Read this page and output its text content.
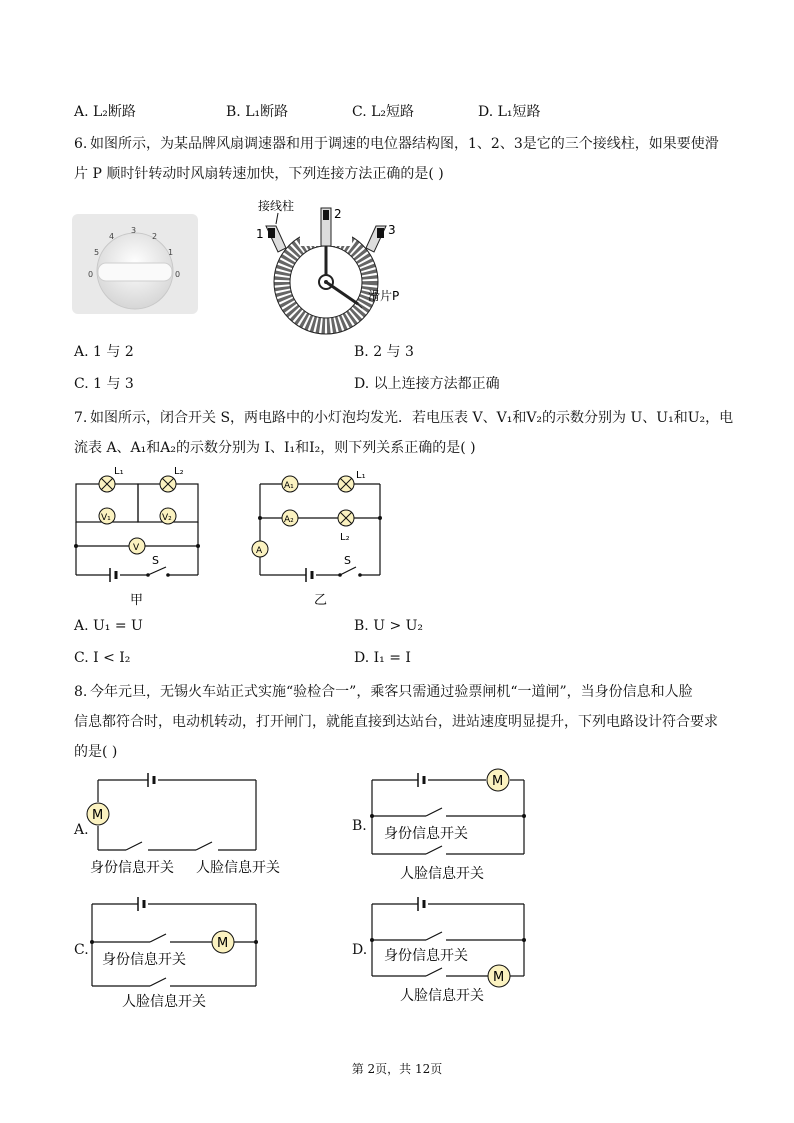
A. L₂断路	B. L₁断路	C. L₂短路	D. L₁短路
6. 如图所示，为某品牌风扇调速器和用于调速的电位器结构图，1、2、3是它的三个接线柱，如果要使滑
片 P 顺时针转动时风扇转速加快，下列连接方法正确的是( )
0
5
4
3
2
1
0
接线柱
1
2
3
滑片P
A. 1 与 2	B. 2 与 3
C. 1 与 3	D. 以上连接方法都正确
7. 如图所示，闭合开关 S，两电路中的小灯泡均发光．若电压表 V、V₁和V₂的示数分别为 U、U₁和U₂，电
流表 A、A₁和A₂的示数分别为 I、I₁和I₂，则下列关系正确的是( )
L₁	L₂
V₁	V₂
V
S
甲
A₁
A₂
A
L₁
L₂
S
乙
A. U₁ = U	B. U > U₂
C. I < I₂	D. I₁ = I
8. 今年元旦，无锡火车站正式实施“验检合一”，乘客只需通过验票闸机“一道闸”，当身份信息和人脸
信息都符合时，电动机转动，打开闸门，就能直接到达站台，进站速度明显提升，下列电路设计符合要求
的是( )
A.
M
身份信息开关 人脸信息开关
B.
M
身份信息开关
人脸信息开关
C.	M
身份信息开关
人脸信息开关
D.
M
身份信息开关
人脸信息开关
第 2页，共 12页
